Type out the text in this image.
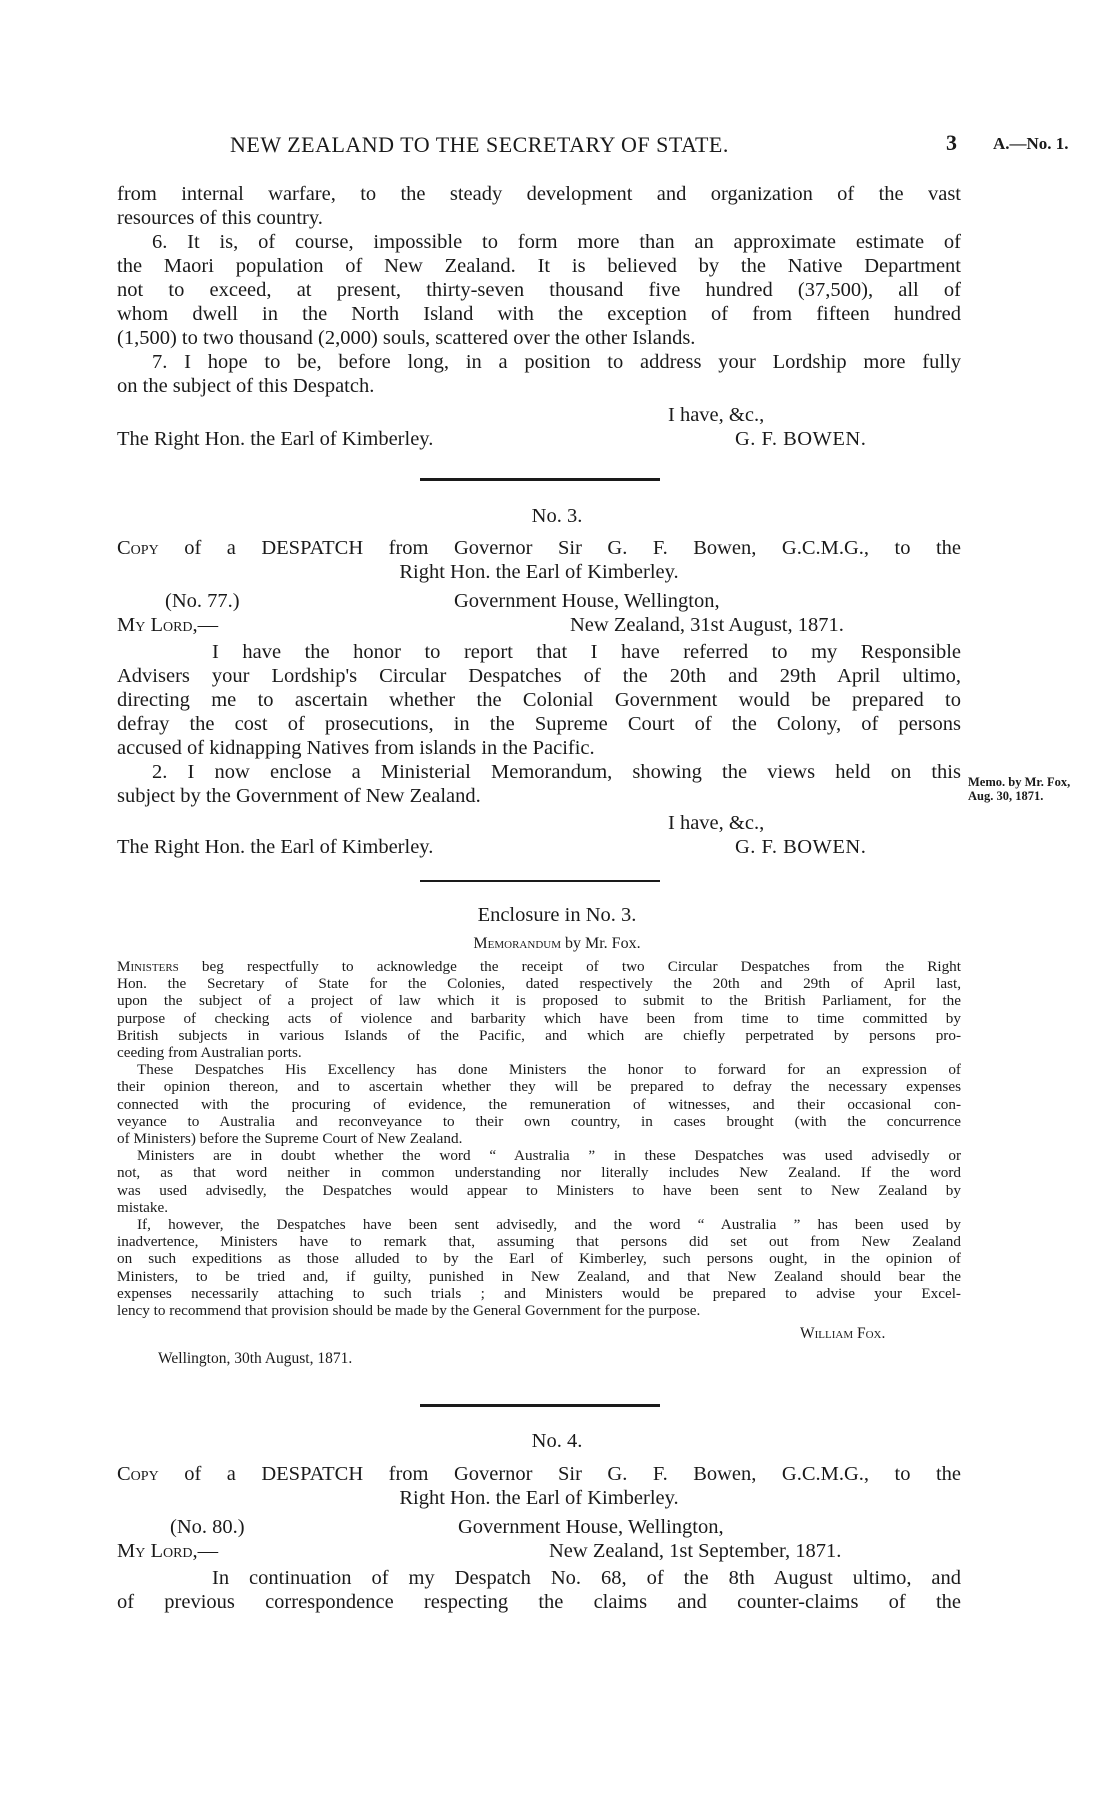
NEW ZEALAND TO THE SECRETARY OF STATE.	3 A.—No. 1.
from internal warfare, to the steady development and organization of the vast
resources of this country.
6. It is, of course, impossible to form more than an approximate estimate of
the Maori population of New Zealand. It is believed by the Native Department
not to exceed, at present, thirty-seven thousand five hundred (37,500), all of
whom dwell in the North Island with the exception of from fifteen hundred
(1,500) to two thousand (2,000) souls, scattered over the other Islands.
7. I hope to be, before long, in a position to address your Lordship more fully
on the subject of this Despatch.
I have, &c.,
The Right Hon. the Earl of Kimberley.	G. F. BOWEN.
No. 3.
Copy of a DESPATCH from Governor Sir G. F. Bowen, G.C.M.G., to the
Right Hon. the Earl of Kimberley.
(No. 77.)	Government House, Wellington,
My Lord,—	New Zealand, 31st August, 1871.
I have the honor to report that I have referred to my Responsible
Advisers your Lordship's Circular Despatches of the 20th and 29th April ultimo,
directing me to ascertain whether the Colonial Government would be prepared to
defray the cost of prosecutions, in the Supreme Court of the Colony, of persons
accused of kidnapping Natives from islands in the Pacific.
2. I now enclose a Ministerial Memorandum, showing the views held on this
subject by the Government of New Zealand.
Memo. by Mr. Fox, Aug. 30, 1871.
I have, &c.,
The Right Hon. the Earl of Kimberley.	G. F. BOWEN.
Enclosure in No. 3.
Memorandum by Mr. Fox.
Ministers beg respectfully to acknowledge the receipt of two Circular Despatches from the Right
Hon. the Secretary of State for the Colonies, dated respectively the 20th and 29th of April last,
upon the subject of a project of law which it is proposed to submit to the British Parliament, for the
purpose of checking acts of violence and barbarity which have been from time to time committed by
British subjects in various Islands of the Pacific, and which are chiefly perpetrated by persons pro-
ceeding from Australian ports.
These Despatches His Excellency has done Ministers the honor to forward for an expression of
their opinion thereon, and to ascertain whether they will be prepared to defray the necessary expenses
connected with the procuring of evidence, the remuneration of witnesses, and their occasional con-
veyance to Australia and reconveyance to their own country, in cases brought (with the concurrence
of Ministers) before the Supreme Court of New Zealand.
Ministers are in doubt whether the word “ Australia ” in these Despatches was used advisedly or
not, as that word neither in common understanding nor literally includes New Zealand. If the word
was used advisedly, the Despatches would appear to Ministers to have been sent to New Zealand by
mistake.
If, however, the Despatches have been sent advisedly, and the word “ Australia ” has been used by
inadvertence, Ministers have to remark that, assuming that persons did set out from New Zealand
on such expeditions as those alluded to by the Earl of Kimberley, such persons ought, in the opinion of
Ministers, to be tried and, if guilty, punished in New Zealand, and that New Zealand should bear the
expenses necessarily attaching to such trials ; and Ministers would be prepared to advise your Excel-
lency to recommend that provision should be made by the General Government for the purpose.
William Fox.
Wellington, 30th August, 1871.
No. 4.
Copy of a DESPATCH from Governor Sir G. F. Bowen, G.C.M.G., to the
Right Hon. the Earl of Kimberley.
(No. 80.)	Government House, Wellington,
My Lord,—	New Zealand, 1st September, 1871.
In continuation of my Despatch No. 68, of the 8th August ultimo, and
of previous correspondence respecting the claims and counter-claims of the
